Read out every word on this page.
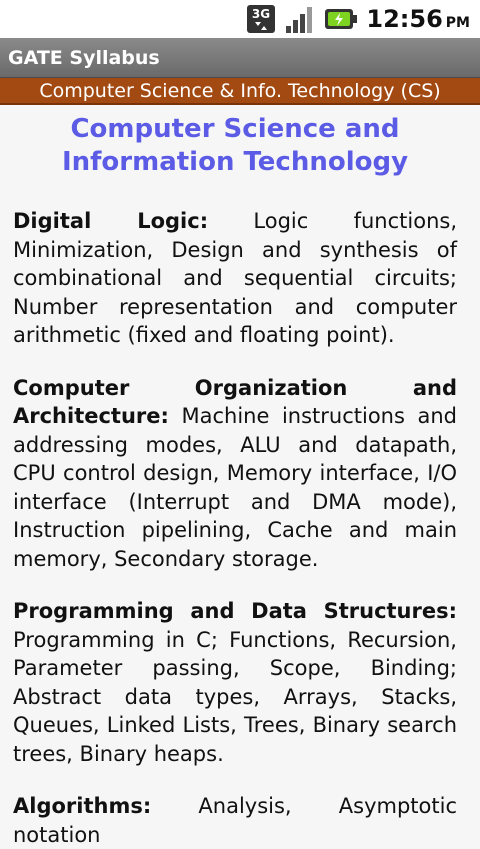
3G	12:56 PM
GATE Syllabus
Computer Science & Info. Technology (CS)
Computer Science and Information Technology

Digital Logic: Logic functions, Minimization, Design and synthesis of combinational and sequential circuits; Number representation and computer arithmetic (fixed and floating point).

Computer Organization and Architecture: Machine instructions and addressing modes, ALU and datapath, CPU control design, Memory interface, I/O interface (Interrupt and DMA mode), Instruction pipelining, Cache and main memory, Secondary storage.

Programming and Data Structures: Programming in C; Functions, Recursion, Parameter passing, Scope, Binding; Abstract data types, Arrays, Stacks, Queues, Linked Lists, Trees, Binary search trees, Binary heaps.

Algorithms: Analysis, Asymptotic notation
